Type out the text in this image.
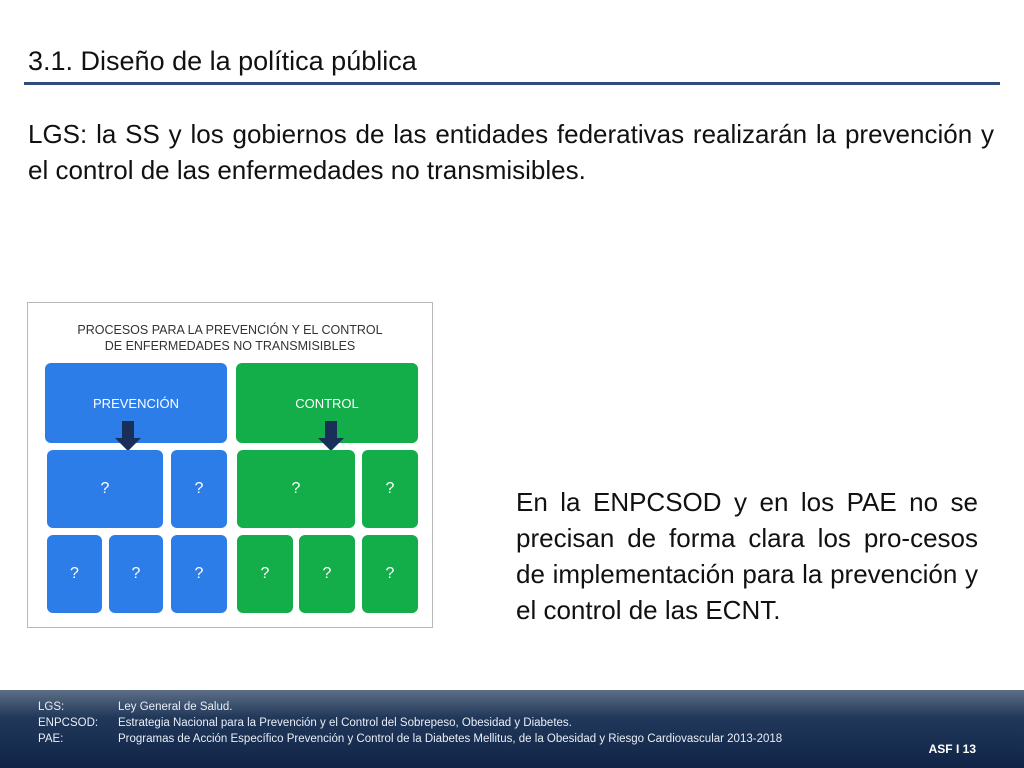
3.1. Diseño de la política pública
LGS: la SS y los gobiernos de las entidades federativas realizarán la prevención y el control de las enfermedades no transmisibles.
PROCESOS PARA LA PREVENCIÓN Y EL CONTROL
DE ENFERMEDADES NO TRANSMISIBLES
PREVENCIÓN	CONTROL
?	?	?	?
?	?	?	?	?	?
En la ENPCSOD y en los PAE no se precisan de forma clara los pro-cesos de implementación para la prevención y el control de las ECNT.
LGS:	Ley General de Salud.
ENPCSOD:	Estrategia Nacional para la Prevención y el Control del Sobrepeso, Obesidad y Diabetes.
PAE:	Programas de Acción Específico Prevención y Control de la Diabetes Mellitus, de la Obesidad y Riesgo Cardiovascular 2013-2018
ASF I 13
